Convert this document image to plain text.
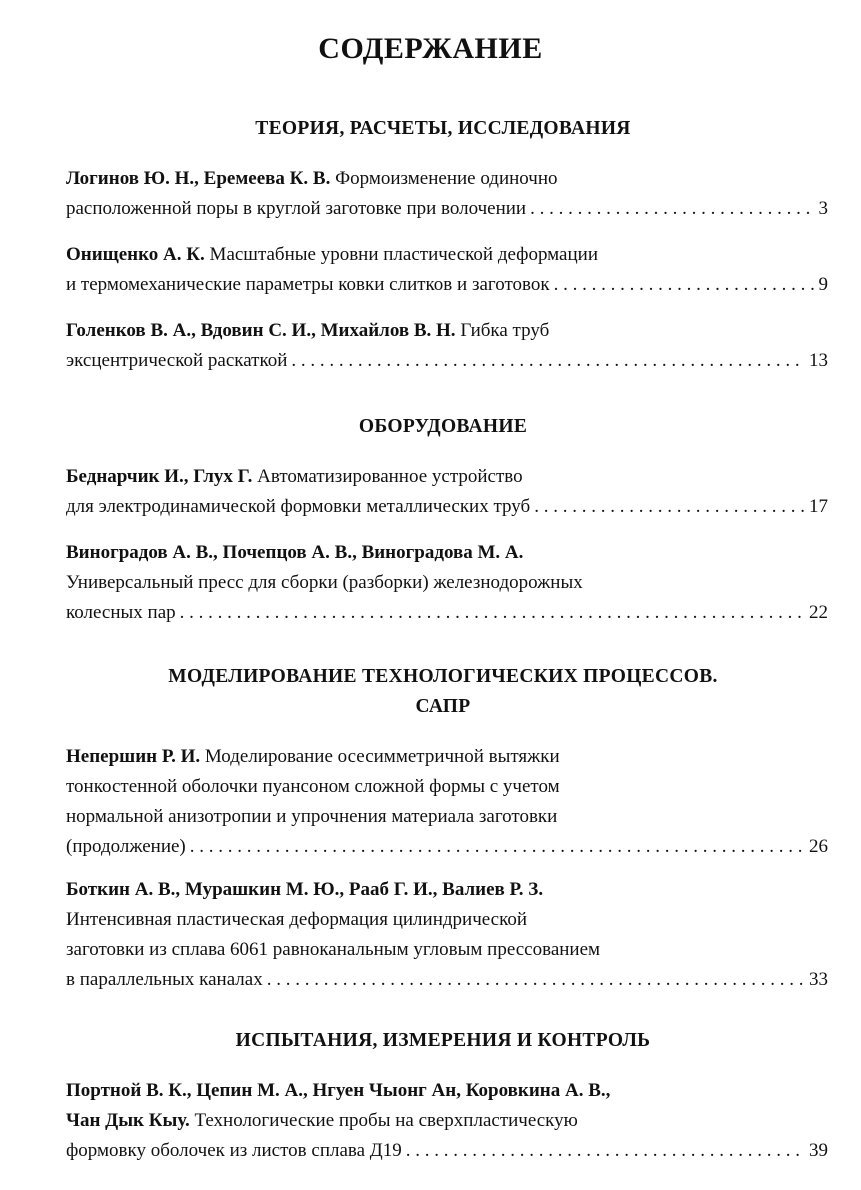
СОДЕРЖАНИЕ
ТЕОРИЯ, РАСЧЕТЫ, ИССЛЕДОВАНИЯ
Логинов Ю. Н., Еремеева К. В. Формоизменение одиночно
расположенной поры в круглой заготовке при волочении . . .	3
Онищенко А. К. Масштабные уровни пластической деформации
и термомеханические параметры ковки слитков и заготовок . . .	9
Голенков В. А., Вдовин С. И., Михайлов В. Н. Гибка труб
эксцентрической раскаткой . . .	13
ОБОРУДОВАНИЕ
Беднарчик И., Глух Г. Автоматизированное устройство
для электродинамической формовки металлических труб . . .	17
Виноградов А. В., Почепцов А. В., Виноградова М. А.
Универсальный пресс для сборки (разборки) железнодорожных
колесных пар . . .	22
МОДЕЛИРОВАНИЕ ТЕХНОЛОГИЧЕСКИХ ПРОЦЕССОВ.
САПР
Непершин Р. И. Моделирование осесимметричной вытяжки
тонкостенной оболочки пуансоном сложной формы с учетом
нормальной анизотропии и упрочнения материала заготовки
(продолжение) . . .	26
Боткин А. В., Мурашкин М. Ю., Рааб Г. И., Валиев Р. З.
Интенсивная пластическая деформация цилиндрической
заготовки из сплава 6061 равноканальным угловым прессованием
в параллельных каналах . . .	33
ИСПЫТАНИЯ, ИЗМЕРЕНИЯ И КОНТРОЛЬ
Портной В. К., Цепин М. А., Нгуен Чыонг Ан, Коровкина А. В.,
Чан Дык Кыу. Технологические пробы на сверхпластическую
формовку оболочек из листов сплава Д19 . . .	39
